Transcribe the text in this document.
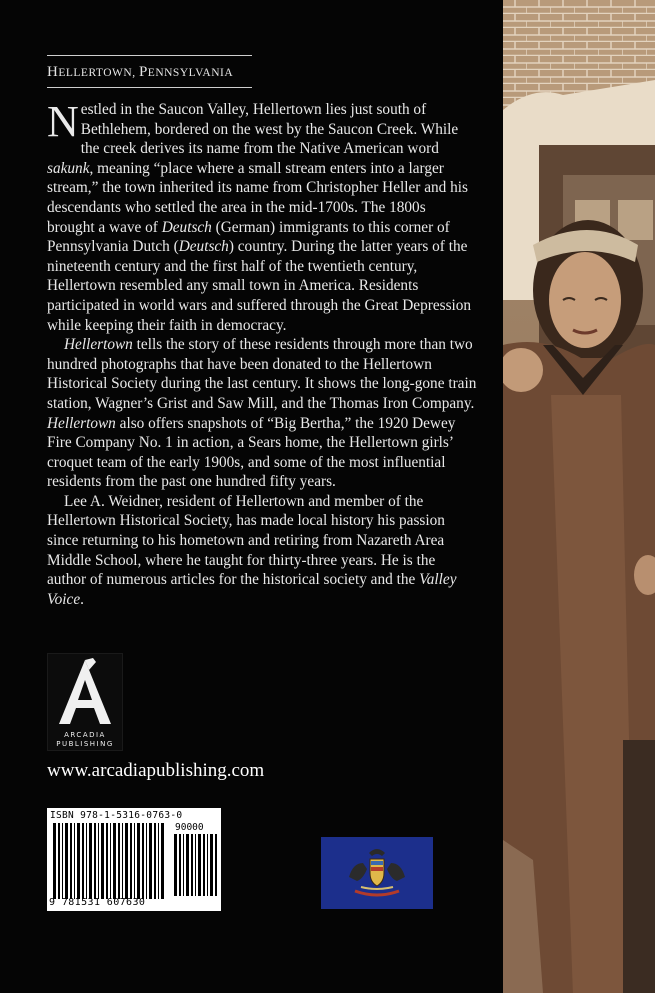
HELLERTOWN, PENNSYLVANIA

Nestled in the Saucon Valley, Hellertown lies just south of Bethlehem, bordered on the west by the Saucon Creek. While the creek derives its name from the Native American word sakunk, meaning “place where a small stream enters into a larger stream,” the town inherited its name from Christopher Heller and his descendants who settled the area in the mid-1700s. The 1800s brought a wave of Deutsch (German) immigrants to this corner of Pennsylvania Dutch (Deutsch) country. During the latter years of the nineteenth century and the first half of the twentieth century, Hellertown resembled any small town in America. Residents participated in world wars and suffered through the Great Depression while keeping their faith in democracy.

Hellertown tells the story of these residents through more than two hundred photographs that have been donated to the Hellertown Historical Society during the last century. It shows the long-gone train station, Wagner’s Grist and Saw Mill, and the Thomas Iron Company. Hellertown also offers snapshots of “Big Bertha,” the 1920 Dewey Fire Company No. 1 in action, a Sears home, the Hellertown girls’ croquet team of the early 1900s, and some of the most influential residents from the past one hundred fifty years.

Lee A. Weidner, resident of Hellertown and member of the Hellertown Historical Society, has made local history his passion since returning to his hometown and retiring from Nazareth Area Middle School, where he taught for thirty-three years. He is the author of numerous articles for the historical society and the Valley Voice.

ARCADIA
PUBLISHING
www.arcadiapublishing.com
ISBN 978-1-5316-0763-0
90000
9 781531 607630
